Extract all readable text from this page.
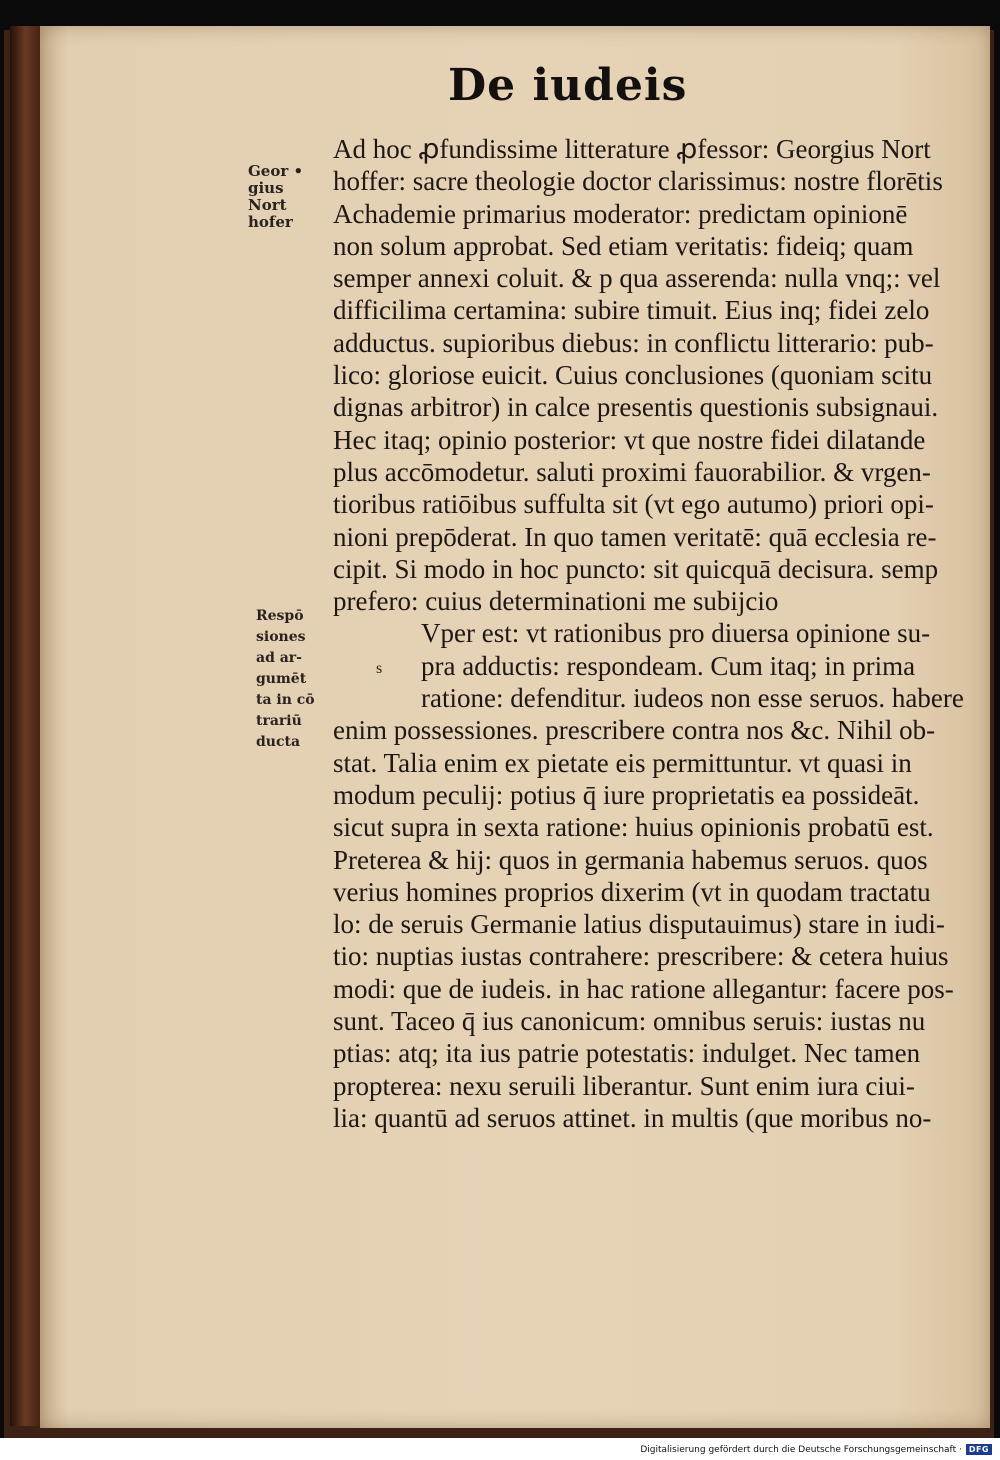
De iudeis
Geor •
gius
Nort
hofer
Respō
siones
ad ar-
gumēt
ta in cō
trariū
ducta
s
Ad hoc ꝓfundissime litterature ꝓfessor: Georgius Nort
hoffer: sacre theologie doctor clarissimus: nostre florētis
Achademie primarius moderator: predictam opinionē
non solum approbat. Sed etiam veritatis: fideiq; quam
semper annexi coluit. & p qua asserenda: nulla vnq;: vel
difficilima certamina: subire timuit. Eius inq; fidei zelo
adductus. supioribus diebus: in conflictu litterario: pub-
lico: gloriose euicit. Cuius conclusiones (quoniam scitu
dignas arbitror) in calce presentis questionis subsignaui.
Hec itaq; opinio posterior: vt que nostre fidei dilatande
plus accōmodetur. saluti proximi fauorabilior. & vrgen-
tioribus ratiōibus suffulta sit (vt ego autumo) priori opi-
nioni prepōderat. In quo tamen veritatē: quā ecclesia re-
cipit. Si modo in hoc puncto: sit quicquā decisura. semp
prefero: cuius determinationi me subijcio
Vper est: vt rationibus pro diuersa opinione su-
pra adductis: respondeam. Cum itaq; in prima
ratione: defenditur. iudeos non esse seruos. habere
enim possessiones. prescribere contra nos &c. Nihil ob-
stat. Talia enim ex pietate eis permittuntur. vt quasi in
modum peculij: potius q̄ iure proprietatis ea possideāt.
sicut supra in sexta ratione: huius opinionis probatū est.
Preterea & hij: quos in germania habemus seruos. quos
verius homines proprios dixerim (vt in quodam tractatu
lo: de seruis Germanie latius disputauimus) stare in iudi-
tio: nuptias iustas contrahere: prescribere: & cetera huius
modi: que de iudeis. in hac ratione allegantur: facere pos-
sunt. Taceo q̄ ius canonicum: omnibus seruis: iustas nu
ptias: atq; ita ius patrie potestatis: indulget. Nec tamen
propterea: nexu seruili liberantur. Sunt enim iura ciui-
lia: quantū ad seruos attinet. in multis (que moribus no-
Digitalisierung gefördert durch die Deutsche Forschungsgemeinschaft · DFG
